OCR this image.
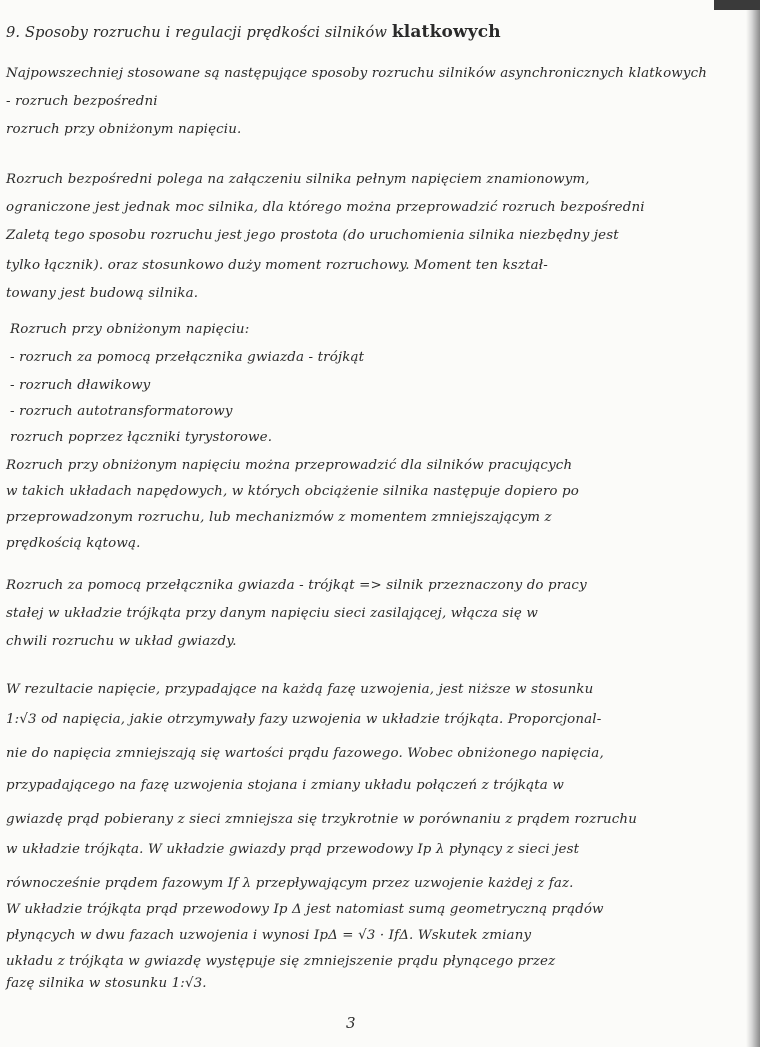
9. Sposoby rozruchu i regulacji prędkości silników klatkowych
Najpowszechniej stosowane są następujące sposoby rozruchu silników asynchronicznych klatkowych
- rozruch bezpośredni
rozruch przy obniżonym napięciu.
Rozruch bezpośredni polega na załączeniu silnika pełnym napięciem znamionowym,
ograniczone jest jednak moc silnika, dla którego można przeprowadzić rozruch bezpośredni
Zaletą tego sposobu rozruchu jest jego prostota (do uruchomienia silnika niezbędny jest
tylko łącznik). oraz stosunkowo duży moment rozruchowy. Moment ten kształ-
towany jest budową silnika.
Rozruch przy obniżonym napięciu:
- rozruch za pomocą przełącznika gwiazda - trójkąt
- rozruch dławikowy
- rozruch autotransformatorowy
rozruch poprzez łączniki tyrystorowe.
Rozruch przy obniżonym napięciu można przeprowadzić dla silników pracujących
w takich układach napędowych, w których obciążenie silnika następuje dopiero po
przeprowadzonym rozruchu, lub mechanizmów z momentem zmniejszającym z
prędkością kątową.
Rozruch za pomocą przełącznika gwiazda - trójkąt => silnik przeznaczony do pracy
stałej w układzie trójkąta przy danym napięciu sieci zasilającej, włącza się w
chwili rozruchu w układ gwiazdy.
W rezultacie napięcie, przypadające na każdą fazę uzwojenia, jest niższe w stosunku
1:√3 od napięcia, jakie otrzymywały fazy uzwojenia w układzie trójkąta. Proporcjonal-
nie do napięcia zmniejszają się wartości prądu fazowego. Wobec obniżonego napięcia,
przypadającego na fazę uzwojenia stojana i zmiany układu połączeń z trójkąta w
gwiazdę prąd pobierany z sieci zmniejsza się trzykrotnie w porównaniu z prądem rozruchu
w układzie trójkąta. W układzie gwiazdy prąd przewodowy Ip λ płynący z sieci jest
równocześnie prądem fazowym If λ przepływającym przez uzwojenie każdej z faz.
W układzie trójkąta prąd przewodowy Ip Δ jest natomiast sumą geometryczną prądów
płynących w dwu fazach uzwojenia i wynosi IpΔ = √3 · IfΔ. Wskutek zmiany
układu z trójkąta w gwiazdę występuje się zmniejszenie prądu płynącego przez
fazę silnika w stosunku 1:√3.
3
